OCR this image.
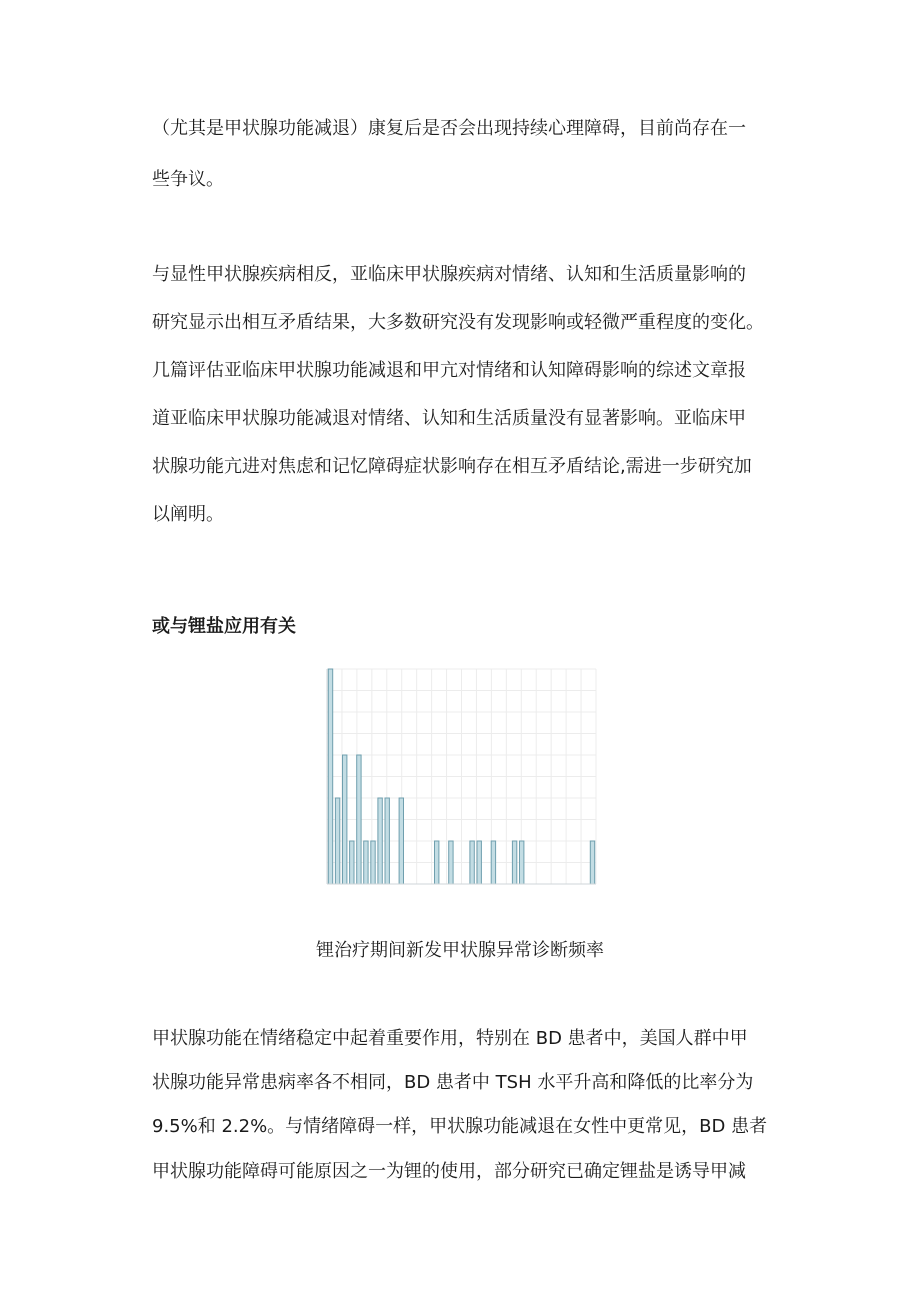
（尤其是甲状腺功能减退）康复后是否会出现持续心理障碍，目前尚存在一
些争议。
与显性甲状腺疾病相反，亚临床甲状腺疾病对情绪、认知和生活质量影响的
研究显示出相互矛盾结果，大多数研究没有发现影响或轻微严重程度的变化。
几篇评估亚临床甲状腺功能减退和甲亢对情绪和认知障碍影响的综述文章报
道亚临床甲状腺功能减退对情绪、认知和生活质量没有显著影响。亚临床甲
状腺功能亢进对焦虑和记忆障碍症状影响存在相互矛盾结论,需进一步研究加
以阐明。
或与锂盐应用有关
锂治疗期间新发甲状腺异常诊断频率
甲状腺功能在情绪稳定中起着重要作用，特别在 BD 患者中，美国人群中甲
状腺功能异常患病率各不相同，BD 患者中 TSH 水平升高和降低的比率分为
9.5%和 2.2%。与情绪障碍一样，甲状腺功能减退在女性中更常见，BD 患者
甲状腺功能障碍可能原因之一为锂的使用，部分研究已确定锂盐是诱导甲减
